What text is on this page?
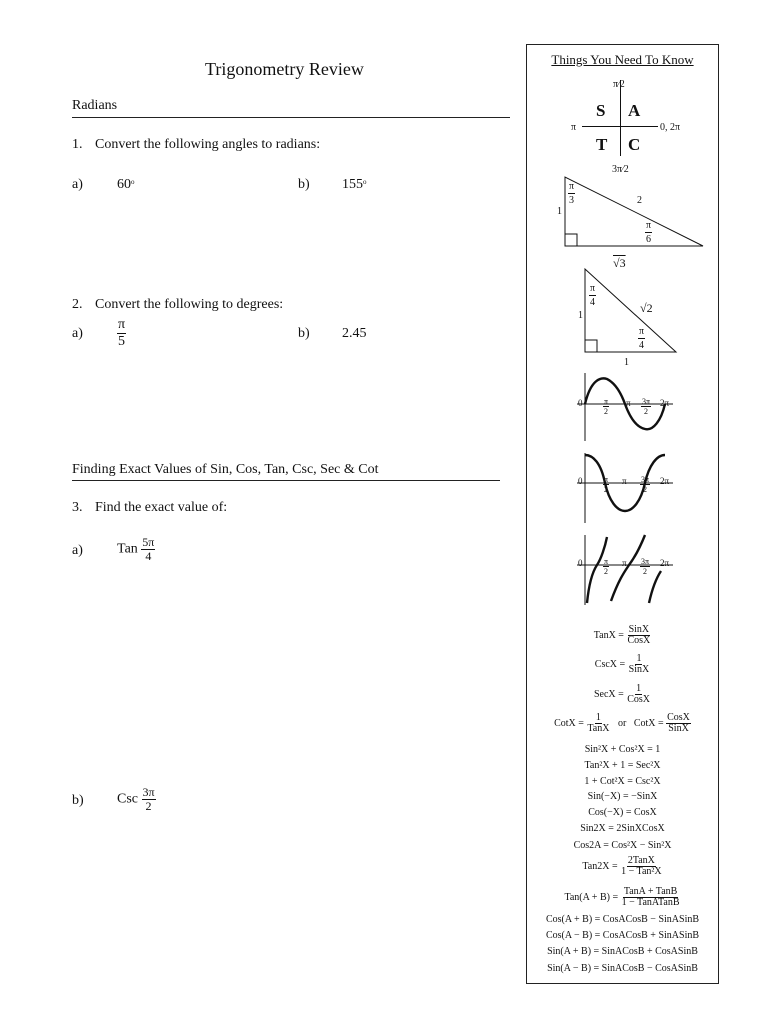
Trigonometry Review
Radians
1. Convert the following angles to radians:
a) 60$^o$	b) 155$^o$
2. Convert the following to degrees:
$a) \frac{\pi}{5}$	b) 2.45
Finding Exact Values of Sin, Cos, Tan, Csc, Sec & Cot
3. Find the exact value of:
a) Tan $\frac{5\pi}{4}$
b) Csc $\frac{3\pi}{2}$
Things You Need To Know
S A
T C
π⁄2
π	0, 2π
3π⁄2
$\frac{\pi}{3}$
$\frac{\pi}{6}$
1
2
√3
$\frac{\pi}{4}$
$\frac{\pi}{4}$
1
√2
1
0	$\frac{\pi}{2}$ π $\frac{3\pi}{2} 2\pi$
0	$\frac{\pi}{2}$ π $\frac{3\pi}{2} 2\pi$
0	$\frac{\pi}{2}$ π $\frac{3\pi}{2} 2\pi$
TanX = $\frac{\text{SinX}}{\text{CosX}}$
CscX = $\frac{1}{\text{SinX}}$
SecX = $\frac{1}{\text{CosX}}$
CotX = $\frac{1}{\text{TanX}}$ or CotX = $\frac{\text{CosX}}{\text{SinX}}$
Sin²X + Cos²X = 1
Tan²X + 1 = Sec²X
1 + Cot²X = Csc²X
Sin(−X) = −SinX
Cos(−X) = CosX
Sin2X = 2SinXCosX
Cos2A = Cos²X − Sin²X
$Tan2X = \frac{\text{2TanX}}{\text{1 − Tan²X}}$
$Tan(A + B) = \frac{\text{TanA + TanB}}{\text{1 − TanATanB}}$
Cos(A + B) = CosACosB − SinASinB
Cos(A − B) = CosACosB + SinASinB
Sin(A + B) = SinACosB + CosASinB
Sin(A − B) = SinACosB − CosASinB
